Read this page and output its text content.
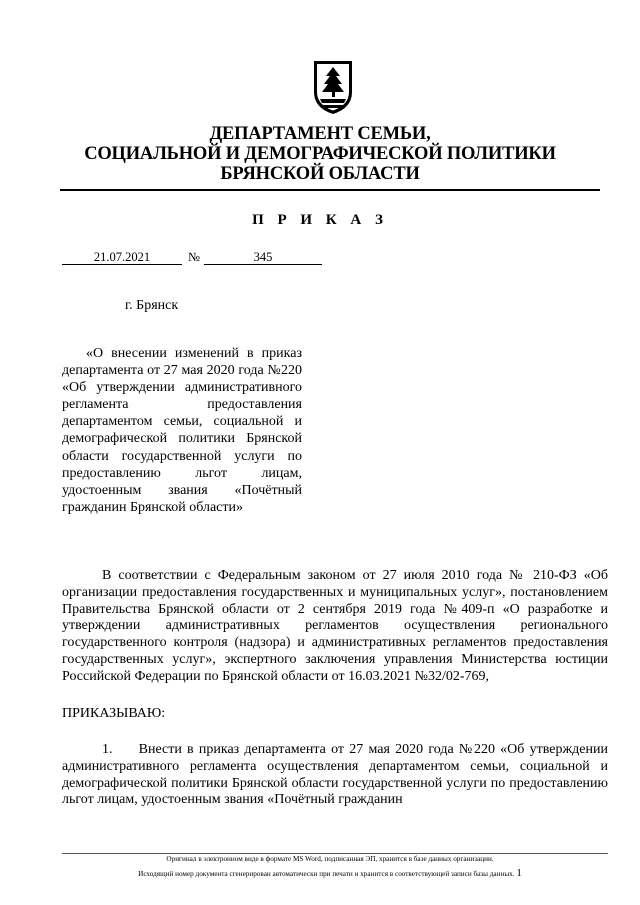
ДЕПАРТАМЕНТ СЕМЬИ,
СОЦИАЛЬНОЙ И ДЕМОГРАФИЧЕСКОЙ ПОЛИТИКИ
БРЯНСКОЙ ОБЛАСТИ
П Р И К А З
21.07.2021	№	345
г. Брянск
«О внесении изменений в приказ департамента от 27 мая 2020 года №220 «Об утверждении административного регламента предоставления департаментом семьи, социальной и демографической политики Брянской области государственной услуги по предоставлению льгот лицам, удостоенным звания «Почётный гражданин Брянской области»
В соответствии с Федеральным законом от 27 июля 2010 года № 210-ФЗ «Об организации предоставления государственных и муниципальных услуг», постановлением Правительства Брянской области от 2 сентября 2019 года №409-п «О разработке и утверждении административных регламентов осуществления регионального государственного контроля (надзора) и административных регламентов предоставления государственных услуг», экспертного заключения управления Министерства юстиции Российской Федерации по Брянской области от 16.03.2021 №32/02-769,
ПРИКАЗЫВАЮ:
1.     Внести в приказ департамента от 27 мая 2020 года №220 «Об утверждении административного регламента осуществления департаментом семьи, социальной и демографической политики Брянской области государственной услуги по предоставлению льгот лицам, удостоенным звания «Почётный гражданин
Оригинал в электронном виде в формате MS Word, подписанная ЭП, хранится в базе данных организации.
Исходящий номер документа сгенерирован автоматически при печати и хранится в соответствующей записи базы данных. 1
